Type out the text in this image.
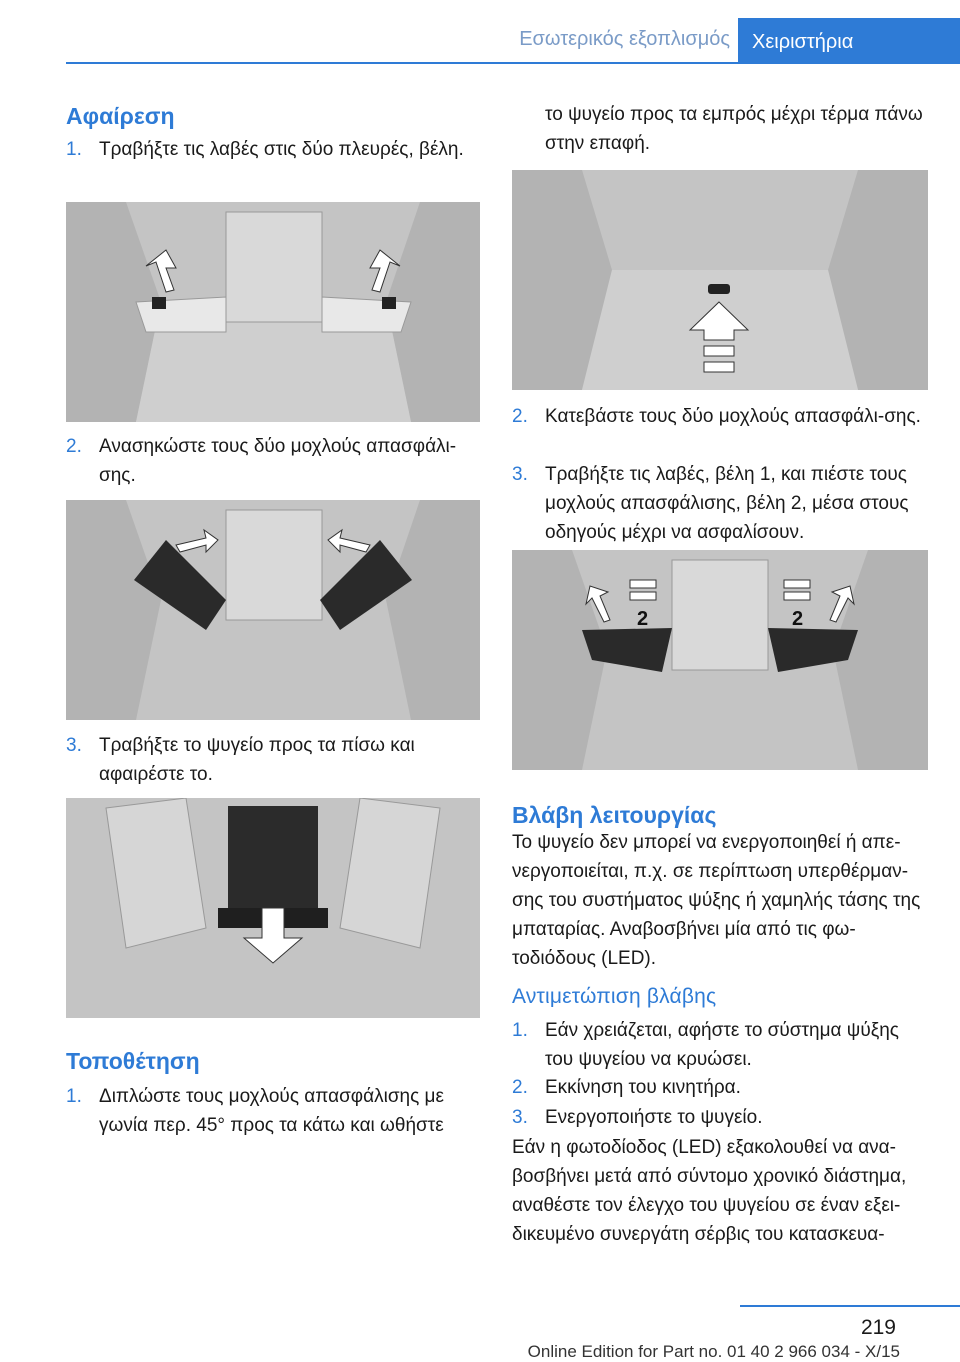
Εσωτερικός εξοπλισμός	Χειριστήρια
Αφαίρεση
1. Τραβήξτε τις λαβές στις δύο πλευρές, βέλη.
2. Ανασηκώστε τους δύο μοχλούς απασφάλι‐σης.
3. Τραβήξτε το ψυγείο προς τα πίσω και αφαιρέστε το.
Τοποθέτηση
1. Διπλώστε τους μοχλούς απασφάλισης με γωνία περ. 45° προς τα κάτω και ωθήστε

το ψυγείο προς τα εμπρός μέχρι τέρμα πάνω στην επαφή.

2. Κατεβάστε τους δύο μοχλούς απασφάλι‐σης.
3. Τραβήξτε τις λαβές, βέλη 1, και πιέστε τους μοχλούς απασφάλισης, βέλη 2, μέσα στους οδηγούς μέχρι να ασφαλίσουν.
2	2
Βλάβη λειτουργίας

Το ψυγείο δεν μπορεί να ενεργοποιηθεί ή απε‐νεργοποιείται, π.χ. σε περίπτωση υπερθέρμαν‐σης του συστήματος ψύξης ή χαμηλής τάσης της μπαταρίας. Αναβοσβήνει μία από τις φω‐τοδιόδους (LED).

Αντιμετώπιση βλάβης
1. Εάν χρειάζεται, αφήστε το σύστημα ψύξης του ψυγείου να κρυώσει.
2. Εκκίνηση του κινητήρα.
3. Ενεργοποιήστε το ψυγείο.

Εάν η φωτοδίοδος (LED) εξακολουθεί να ανα‐βοσβήνει μετά από σύντομο χρονικό διάστημα, αναθέστε τον έλεγχο του ψυγείου σε έναν εξει‐δικευμένο συνεργάτη σέρβις του κατασκευα‐

219
Online Edition for Part no. 01 40 2 966 034 - X/15
